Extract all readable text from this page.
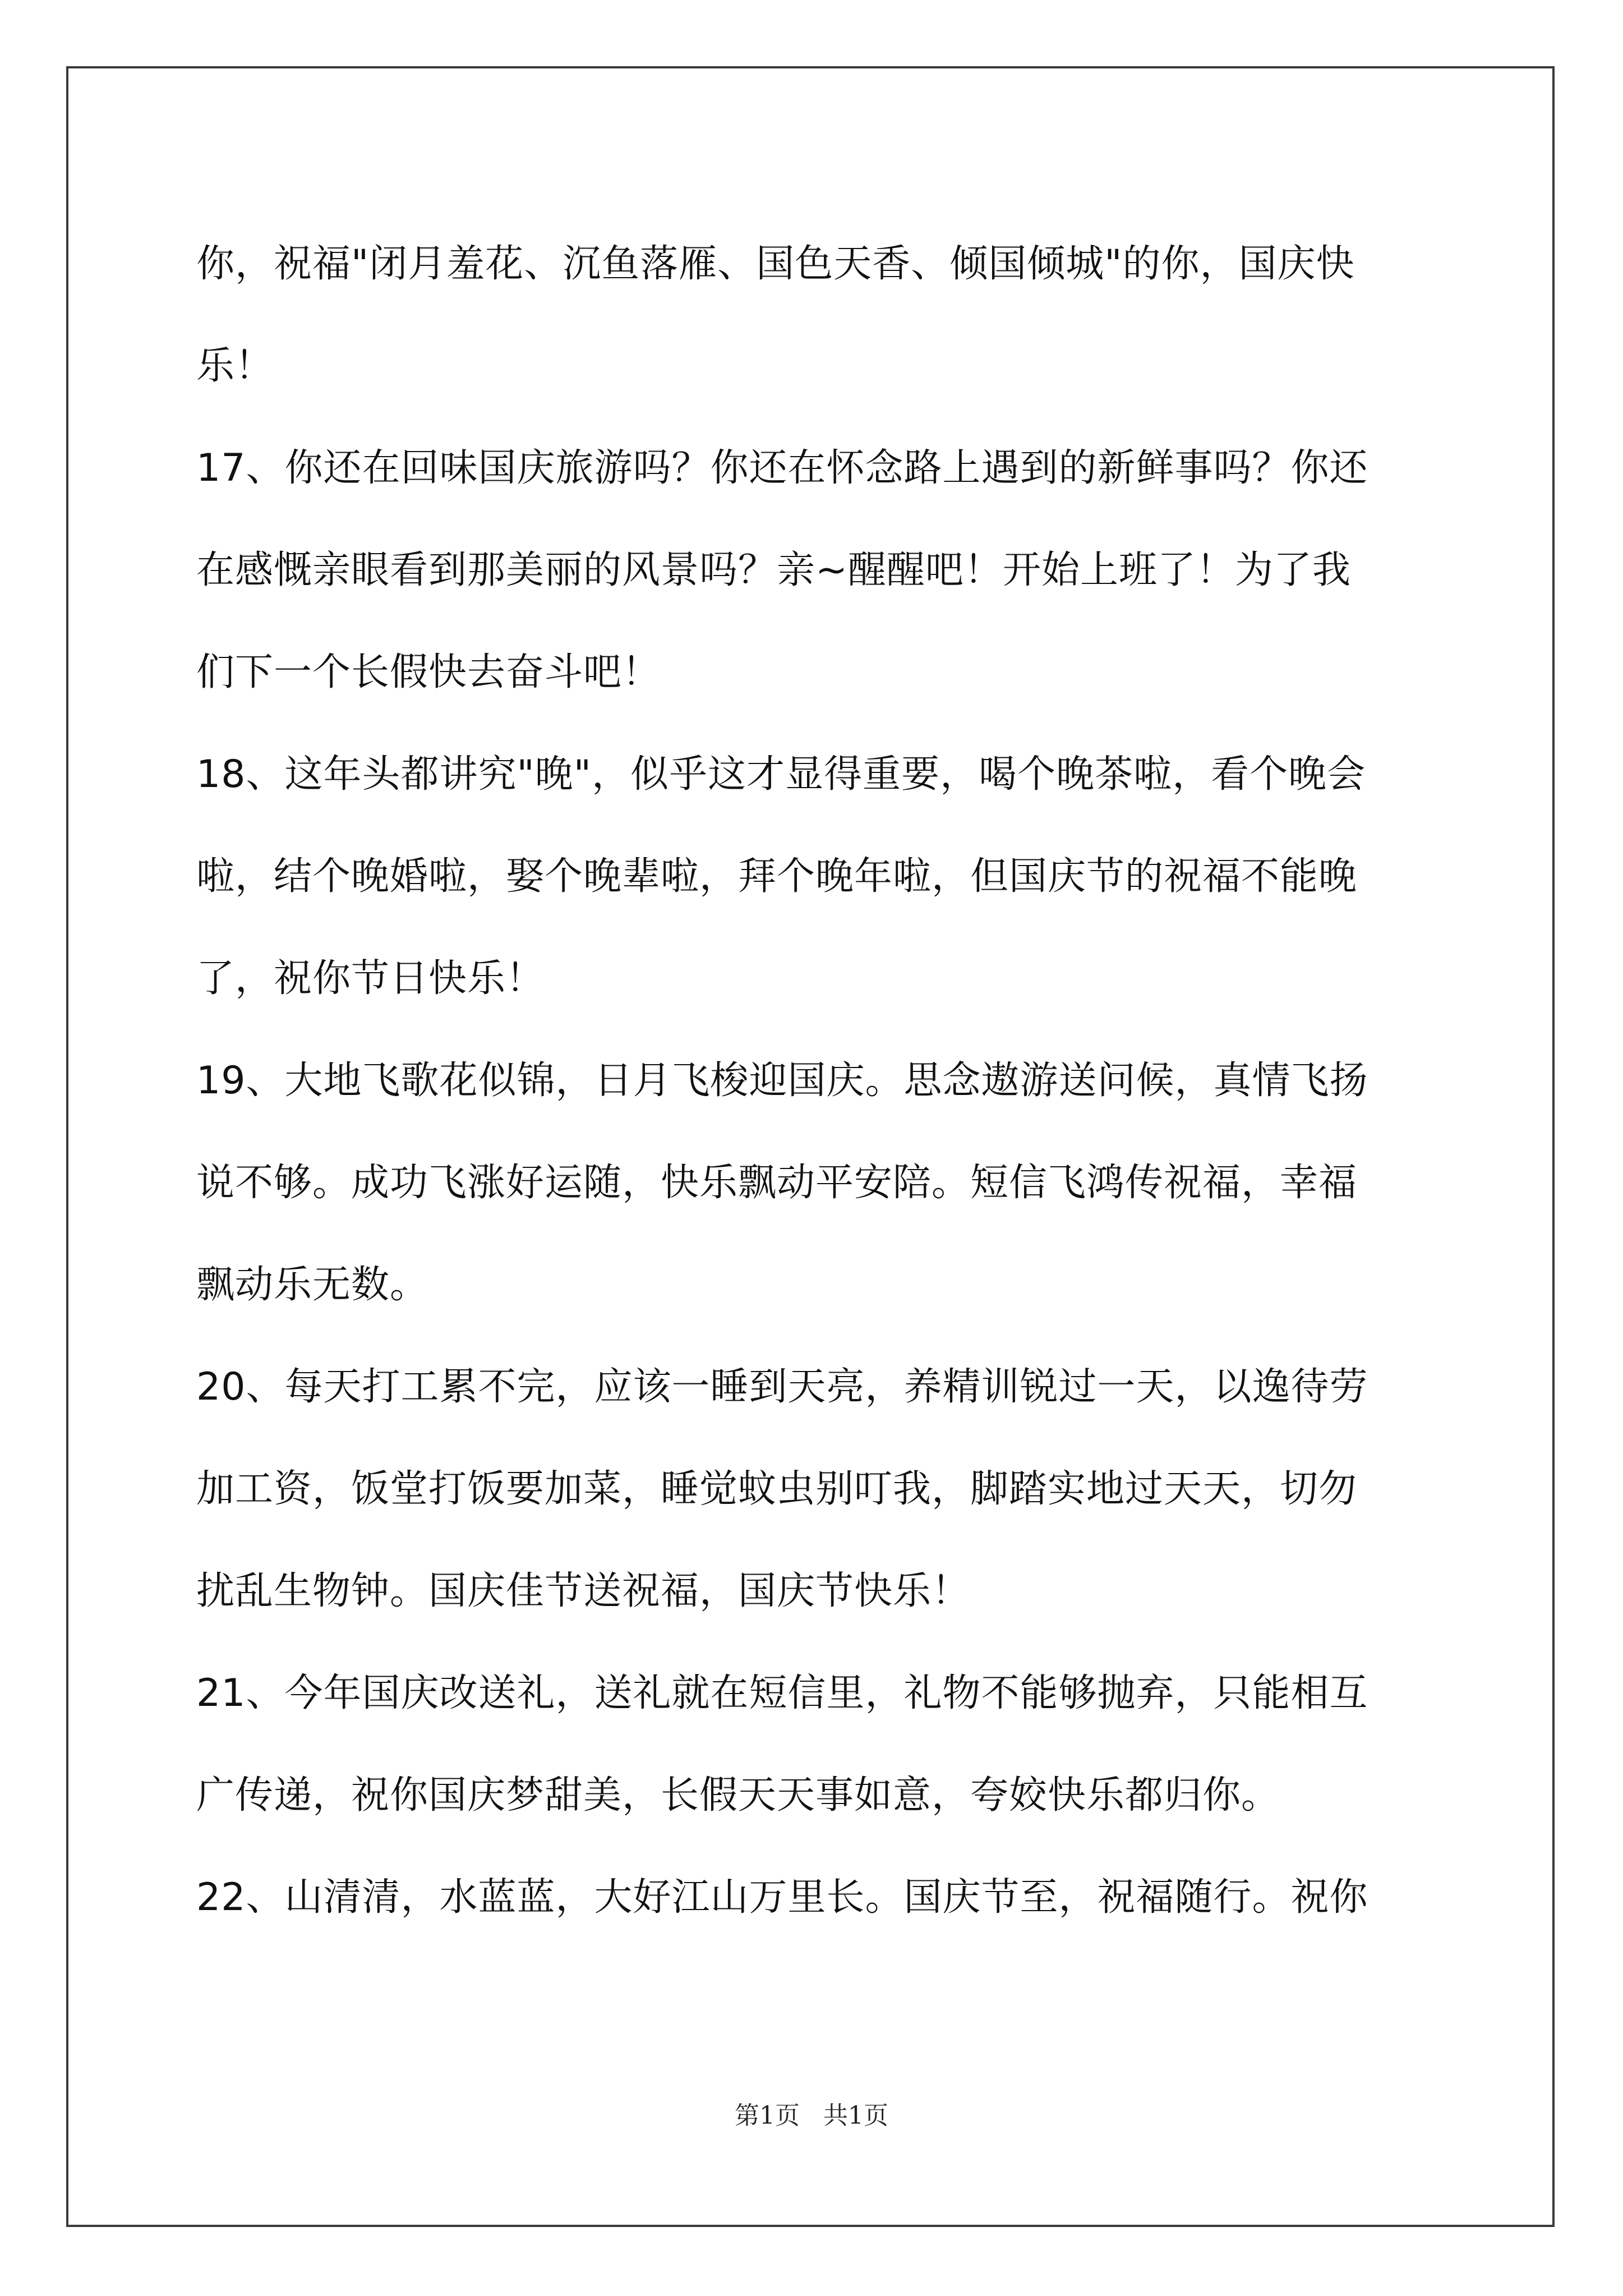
你，祝福"闭月羞花、沉鱼落雁、国色天香、倾国倾城"的你，国庆快
乐！
17、你还在回味国庆旅游吗？你还在怀念路上遇到的新鲜事吗？你还
在感慨亲眼看到那美丽的风景吗？亲~醒醒吧！开始上班了！为了我
们下一个长假快去奋斗吧！
18、这年头都讲究"晚"，似乎这才显得重要，喝个晚茶啦，看个晚会
啦，结个晚婚啦，娶个晚辈啦，拜个晚年啦，但国庆节的祝福不能晚
了，祝你节日快乐！
19、大地飞歌花似锦，日月飞梭迎国庆。思念遨游送问候，真情飞扬
说不够。成功飞涨好运随，快乐飘动平安陪。短信飞鸿传祝福，幸福
飘动乐无数。
20、每天打工累不完，应该一睡到天亮，养精训锐过一天，以逸待劳
加工资，饭堂打饭要加菜，睡觉蚊虫别叮我，脚踏实地过天天，切勿
扰乱生物钟。国庆佳节送祝福，国庆节快乐！
21、今年国庆改送礼，送礼就在短信里，礼物不能够抛弃，只能相互
广传递，祝你国庆梦甜美，长假天天事如意，夸姣快乐都归你。
22、山清清，水蓝蓝，大好江山万里长。国庆节至，祝福随行。祝你
第1页   共1页
